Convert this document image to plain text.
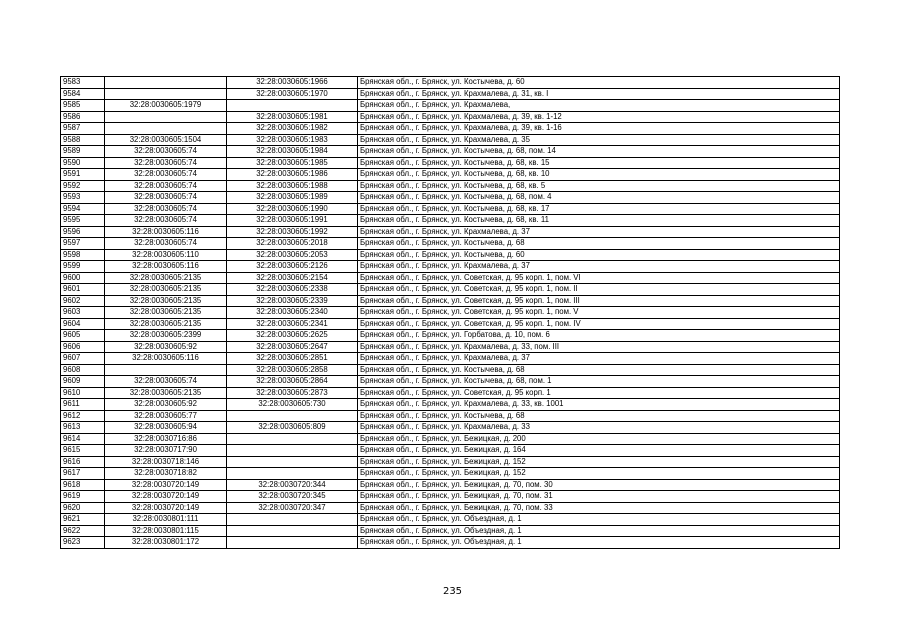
9583		32:28:0030605:1966	Брянская обл., г. Брянск, ул. Костычева, д. 60
9584		32:28:0030605:1970	Брянская обл., г. Брянск, ул. Крахмалева, д. 31, кв. I
9585	32:28:0030605:1979		Брянская обл., г. Брянск, ул. Крахмалева,
9586		32:28:0030605:1981	Брянская обл., г. Брянск, ул. Крахмалева, д. 39, кв. 1-12
9587		32:28:0030605:1982	Брянская обл., г. Брянск, ул. Крахмалева, д. 39, кв. 1-16
9588	32:28:0030605:1504	32:28:0030605:1983	Брянская обл., г. Брянск, ул. Крахмалева, д. 35
9589	32:28:0030605:74	32:28:0030605:1984	Брянская обл., г. Брянск, ул. Костычева, д. 68, пом. 14
9590	32:28:0030605:74	32:28:0030605:1985	Брянская обл., г. Брянск, ул. Костычева, д. 68, кв. 15
9591	32:28:0030605:74	32:28:0030605:1986	Брянская обл., г. Брянск, ул. Костычева, д. 68, кв. 10
9592	32:28:0030605:74	32:28:0030605:1988	Брянская обл., г. Брянск, ул. Костычева, д. 68, кв. 5
9593	32:28:0030605:74	32:28:0030605:1989	Брянская обл., г. Брянск, ул. Костычева, д. 68, пом. 4
9594	32:28:0030605:74	32:28:0030605:1990	Брянская обл., г. Брянск, ул. Костычева, д. 68, кв. 17
9595	32:28:0030605:74	32:28:0030605:1991	Брянская обл., г. Брянск, ул. Костычева, д. 68, кв. 11
9596	32:28:0030605:116	32:28:0030605:1992	Брянская обл., г. Брянск, ул. Крахмалева, д. 37
9597	32:28:0030605:74	32:28:0030605:2018	Брянская обл., г. Брянск, ул. Костычева, д. 68
9598	32:28:0030605:110	32:28:0030605:2053	Брянская обл., г. Брянск, ул. Костычева, д. 60
9599	32:28:0030605:116	32:28:0030605:2126	Брянская обл., г. Брянск, ул. Крахмалева, д. 37
9600	32:28:0030605:2135	32:28:0030605:2154	Брянская обл., г. Брянск, ул. Советская, д. 95 корп. 1, пом. VI
9601	32:28:0030605:2135	32:28:0030605:2338	Брянская обл., г. Брянск, ул. Советская, д. 95 корп. 1, пом. II
9602	32:28:0030605:2135	32:28:0030605:2339	Брянская обл., г. Брянск, ул. Советская, д. 95 корп. 1, пом. III
9603	32:28:0030605:2135	32:28:0030605:2340	Брянская обл., г. Брянск, ул. Советская, д. 95 корп. 1, пом. V
9604	32:28:0030605:2135	32:28:0030605:2341	Брянская обл., г. Брянск, ул. Советская, д. 95 корп. 1, пом. IV
9605	32:28:0030605:2399	32:28:0030605:2625	Брянская обл., г. Брянск, ул. Горбатова, д. 10, пом. 6
9606	32:28:0030605:92	32:28:0030605:2647	Брянская обл., г. Брянск, ул. Крахмалева, д. 33, пом. III
9607	32:28:0030605:116	32:28:0030605:2851	Брянская обл., г. Брянск, ул. Крахмалева, д. 37
9608		32:28:0030605:2858	Брянская обл., г. Брянск, ул. Костычева, д. 68
9609	32:28:0030605:74	32:28:0030605:2864	Брянская обл., г. Брянск, ул. Костычева, д. 68, пом. 1
9610	32:28:0030605:2135	32:28:0030605:2873	Брянская обл., г. Брянск, ул. Советская, д. 95 корп. 1
9611	32:28:0030605:92	32:28:0030605:730	Брянская обл., г. Брянск, ул. Крахмалева, д. 33, кв. 1001
9612	32:28:0030605:77		Брянская обл., г. Брянск, ул. Костычева, д. 68
9613	32:28:0030605:94	32:28:0030605:809	Брянская обл., г. Брянск, ул. Крахмалева, д. 33
9614	32:28:0030716:86		Брянская обл., г. Брянск, ул. Бежицкая, д. 200
9615	32:28:0030717:90		Брянская обл., г. Брянск, ул. Бежицкая, д. 164
9616	32:28:0030718:146		Брянская обл., г. Брянск, ул. Бежицкая, д. 152
9617	32:28:0030718:82		Брянская обл., г. Брянск, ул. Бежицкая, д. 152
9618	32:28:0030720:149	32:28:0030720:344	Брянская обл., г. Брянск, ул. Бежицкая, д. 70, пом. 30
9619	32:28:0030720:149	32:28:0030720:345	Брянская обл., г. Брянск, ул. Бежицкая, д. 70, пом. 31
9620	32:28:0030720:149	32:28:0030720:347	Брянская обл., г. Брянск, ул. Бежицкая, д. 70, пом. 33
9621	32:28:0030801:111		Брянская обл., г. Брянск, ул. Объездная, д. 1
9622	32:28:0030801:115		Брянская обл., г. Брянск, ул. Объездная, д. 1
9623	32:28:0030801:172		Брянская обл., г. Брянск, ул. Объездная, д. 1
235
